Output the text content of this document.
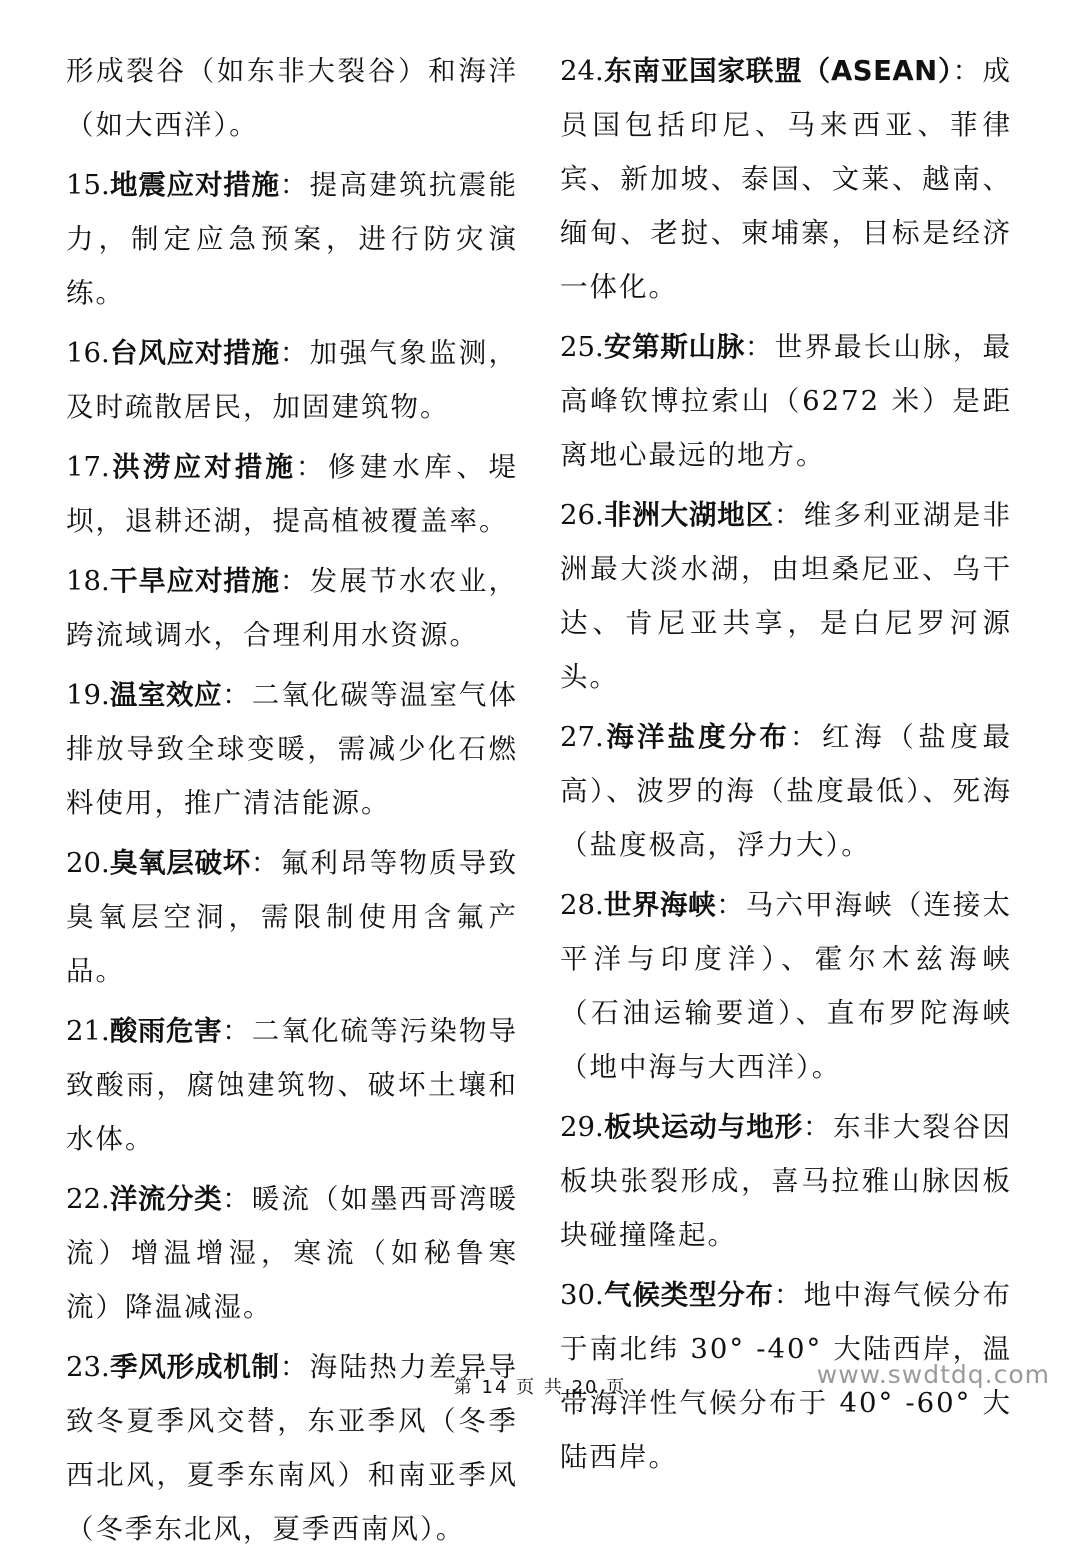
形成裂谷（如东非大裂谷）和海洋（如大西洋）。
15.地震应对措施：提高建筑抗震能力，制定应急预案，进行防灾演练。
16.台风应对措施：加强气象监测，及时疏散居民，加固建筑物。
17.洪涝应对措施：修建水库、堤坝，退耕还湖，提高植被覆盖率。
18.干旱应对措施：发展节水农业，跨流域调水，合理利用水资源。
19.温室效应：二氧化碳等温室气体排放导致全球变暖，需减少化石燃料使用，推广清洁能源。
20.臭氧层破坏：氟利昂等物质导致臭氧层空洞，需限制使用含氟产品。
21.酸雨危害：二氧化硫等污染物导致酸雨，腐蚀建筑物、破坏土壤和水体。
22.洋流分类：暖流（如墨西哥湾暖流）增温增湿，寒流（如秘鲁寒流）降温减湿。
23.季风形成机制：海陆热力差异导致冬夏季风交替，东亚季风（冬季西北风，夏季东南风）和南亚季风（冬季东北风，夏季西南风）。
24.东南亚国家联盟（ASEAN）：成员国包括印尼、马来西亚、菲律宾、新加坡、泰国、文莱、越南、缅甸、老挝、柬埔寨，目标是经济一体化。
25.安第斯山脉：世界最长山脉，最高峰钦博拉索山（6272 米）是距离地心最远的地方。
26.非洲大湖地区：维多利亚湖是非洲最大淡水湖，由坦桑尼亚、乌干达、肯尼亚共享，是白尼罗河源头。
27.海洋盐度分布：红海（盐度最高）、波罗的海（盐度最低）、死海（盐度极高，浮力大）。
28.世界海峡：马六甲海峡（连接太平洋与印度洋）、霍尔木兹海峡（石油运输要道）、直布罗陀海峡（地中海与大西洋）。
29.板块运动与地形：东非大裂谷因板块张裂形成，喜马拉雅山脉因板块碰撞隆起。
30.气候类型分布：地中海气候分布于南北纬 30° -40° 大陆西岸，温带海洋性气候分布于 40° -60° 大陆西岸。
第 14 页 共 20 页	www.swdtdq.com
